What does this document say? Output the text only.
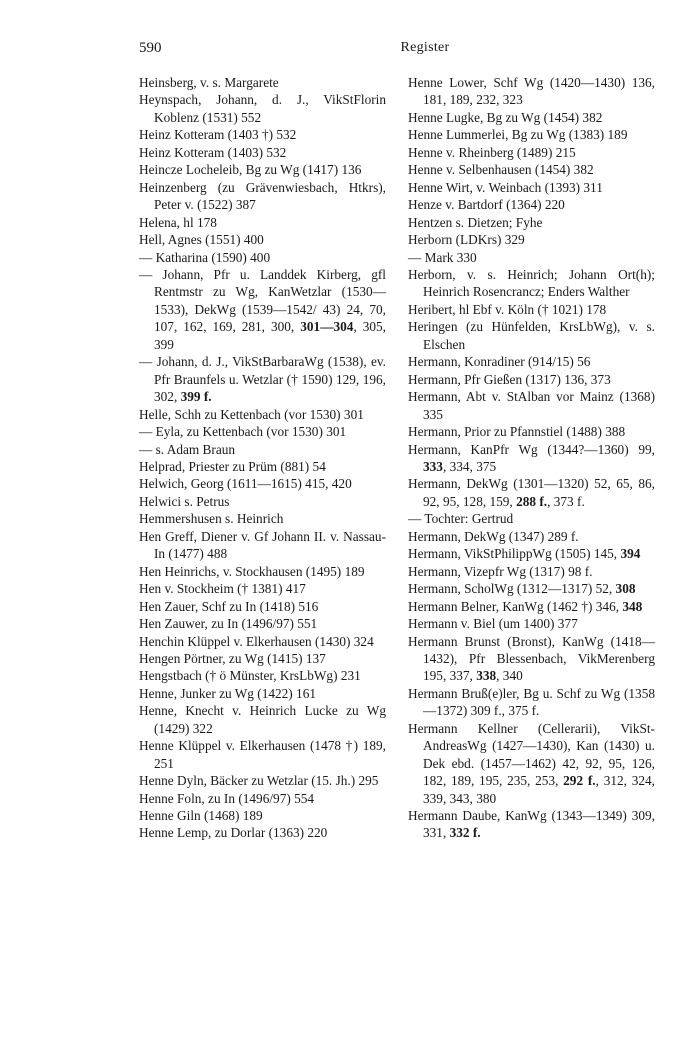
590	Register

Heinsberg, v. s. Margarete

Heynspach, Johann, d. J., VikStFlorin Koblenz (1531) 552

Heinz Kotteram (1403 †) 532

Heinz Kotteram (1403) 532

Heincze Locheleib, Bg zu Wg (1417) 136

Heinzenberg (zu Grävenwiesbach, Htkrs), Peter v. (1522) 387

Helena, hl 178

Hell, Agnes (1551) 400

— Katharina (1590) 400

— Johann, Pfr u. Landdek Kirberg, gfl Rentmstr zu Wg, KanWetzlar (1530—1533), DekWg (1539—1542/ 43) 24, 70, 107, 162, 169, 281, 300, 301—304, 305, 399

— Johann, d. J., VikStBarbaraWg (1538), ev. Pfr Braunfels u. Wetzlar († 1590) 129, 196, 302, 399 f.

Helle, Schh zu Kettenbach (vor 1530) 301

— Eyla, zu Kettenbach (vor 1530) 301

— s. Adam Braun

Helprad, Priester zu Prüm (881) 54

Helwich, Georg (1611—1615) 415, 420

Helwici s. Petrus

Hemmershusen s. Heinrich

Hen Greff, Diener v. Gf Johann II. v. Nassau-In (1477) 488

Hen Heinrichs, v. Stockhausen (1495) 189

Hen v. Stockheim († 1381) 417

Hen Zauer, Schf zu In (1418) 516

Hen Zauwer, zu In (1496/97) 551

Henchin Klüppel v. Elkerhausen (1430) 324

Hengen Pörtner, zu Wg (1415) 137

Hengstbach († ö Münster, KrsLbWg) 231

Henne, Junker zu Wg (1422) 161

Henne, Knecht v. Heinrich Lucke zu Wg (1429) 322

Henne Klüppel v. Elkerhausen (1478 †) 189, 251

Henne Dyln, Bäcker zu Wetzlar (15. Jh.) 295

Henne Foln, zu In (1496/97) 554

Henne Giln (1468) 189

Henne Lemp, zu Dorlar (1363) 220

Henne Lower, Schf Wg (1420—1430) 136, 181, 189, 232, 323

Henne Lugke, Bg zu Wg (1454) 382

Henne Lummerlei, Bg zu Wg (1383) 189

Henne v. Rheinberg (1489) 215

Henne v. Selbenhausen (1454) 382

Henne Wirt, v. Weinbach (1393) 311

Henze v. Bartdorf (1364) 220

Hentzen s. Dietzen; Fyhe

Herborn (LDKrs) 329

— Mark 330

Herborn, v. s. Heinrich; Johann Ort(h); Heinrich Rosencrancz; Enders Walther

Heribert, hl Ebf v. Köln († 1021) 178

Heringen (zu Hünfelden, KrsLbWg), v. s. Elschen

Hermann, Konradiner (914/15) 56

Hermann, Pfr Gießen (1317) 136, 373

Hermann, Abt v. StAlban vor Mainz (1368) 335

Hermann, Prior zu Pfannstiel (1488) 388

Hermann, KanPfr Wg (1344?—1360) 99, 333, 334, 375

Hermann, DekWg (1301—1320) 52, 65, 86, 92, 95, 128, 159, 288 f., 373 f.

— Tochter: Gertrud

Hermann, DekWg (1347) 289 f.

Hermann, VikStPhilippWg (1505) 145, 394

Hermann, Vizepfr Wg (1317) 98 f.

Hermann, ScholWg (1312—1317) 52, 308

Hermann Belner, KanWg (1462 †) 346, 348

Hermann v. Biel (um 1400) 377

Hermann Brunst (Bronst), KanWg (1418—1432), Pfr Blessenbach, VikMerenberg 195, 337, 338, 340

Hermann Bruß(e)ler, Bg u. Schf zu Wg (1358—1372) 309 f., 375 f.

Hermann Kellner (Cellerarii), VikSt-AndreasWg (1427—1430), Kan (1430) u. Dek ebd. (1457—1462) 42, 92, 95, 126, 182, 189, 195, 235, 253, 292 f., 312, 324, 339, 343, 380

Hermann Daube, KanWg (1343—1349) 309, 331, 332 f.
